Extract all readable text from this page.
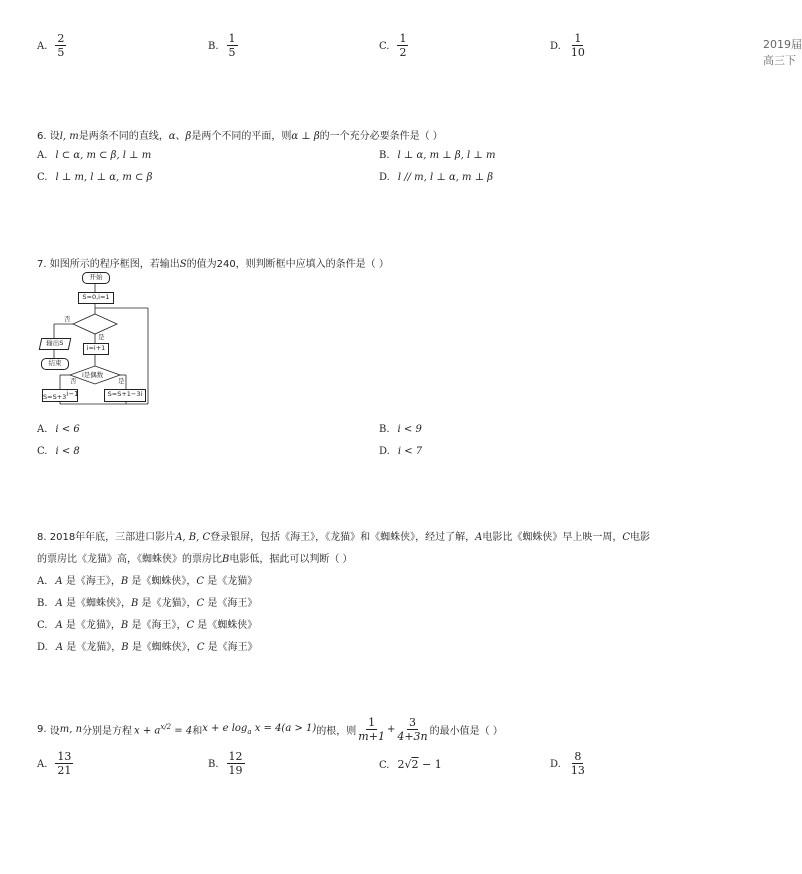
2019届
高三下
A. $\frac{2}{5}$	B. $\frac{1}{5}$	C. $\frac{1}{2}$	D. $\frac{1}{10}$
6. 设l, m是两条不同的直线，α、β是两个不同的平面，则α ⊥ β的一个充分必要条件是（ ）
A. l ⊂ α, m ⊂ β, l ⊥ m	B. l ⊥ α, m ⊥ β, l ⊥ m
C. l ⊥ m, l ⊥ α, m ⊂ β	D. l // m, l ⊥ α, m ⊥ β
7. 如图所示的程序框图，若输出S的值为240，则判断框中应填入的条件是（ ）
开始
S=0,i=1
否
是
输出S
结束
i=i+1
i是偶数
否	是
$S=S+3^{i-1}$	S=S+1−3i
A. i < 6	B. i < 9
C. i < 8	D. i < 7
8. 2018年年底，三部进口影片A, B, C登录银屏，包括《海王》，《龙猫》和《蜘蛛侠》，经过了解，A电影比《蜘蛛侠》早上映一周，C电影
的票房比《龙猫》高，《蜘蛛侠》的票房比B电影低，据此可以判断（ ）
A. A 是《海王》，B 是《蜘蛛侠》，C 是《龙猫》
B. A 是《蜘蛛侠》，B 是《龙猫》，C 是《海王》
C. A 是《龙猫》，B 是《海王》，C 是《蜘蛛侠》
D. A 是《龙猫》，B 是《蜘蛛侠》，C 是《海王》
9.
设 m, n 分别是方程 $x + a^{x/2} = 4$ 和 x + e $\log_a x = 4(a > 1)$ 的根，则 $\frac{1}{m+1} + \frac{3}{4+3n}$ 的最小值是（ ）
A. $\frac{13}{21}$	B. $\frac{12}{19}$	C. 2√2 − 1	D. $\frac{8}{13}$
